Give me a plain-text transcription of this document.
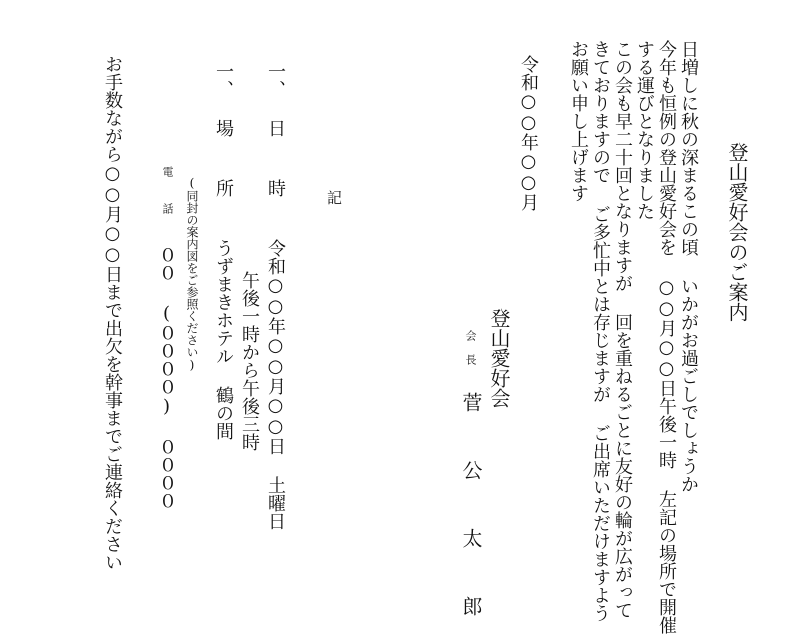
登山愛好会のご案内
日増しに秋の深まるこの頃 いかがお過ごしでしょうか
今年も恒例の登山愛好会を ○○月○○日午後一時 左記の場所で開催
する運びとなりました
この会も早二十回となりますが 回を重ねるごとに友好の輪が広がって
きておりますので ご多忙中とは存じますが ご出席いただけますよう
お願い申し上げます
令和○○年○○月
登山愛好会
会 長
菅  公  太  郎
記
一、 日  時  令和○○年○○月○○日 土曜日
午後一時から午後三時
一、 場  所  うずまきホテル 鶴の間
(同封の案内図をご参照ください)
電  話
００ (００００) ００００
お手数ながら○○月○○日まで出欠を幹事までご連絡ください
